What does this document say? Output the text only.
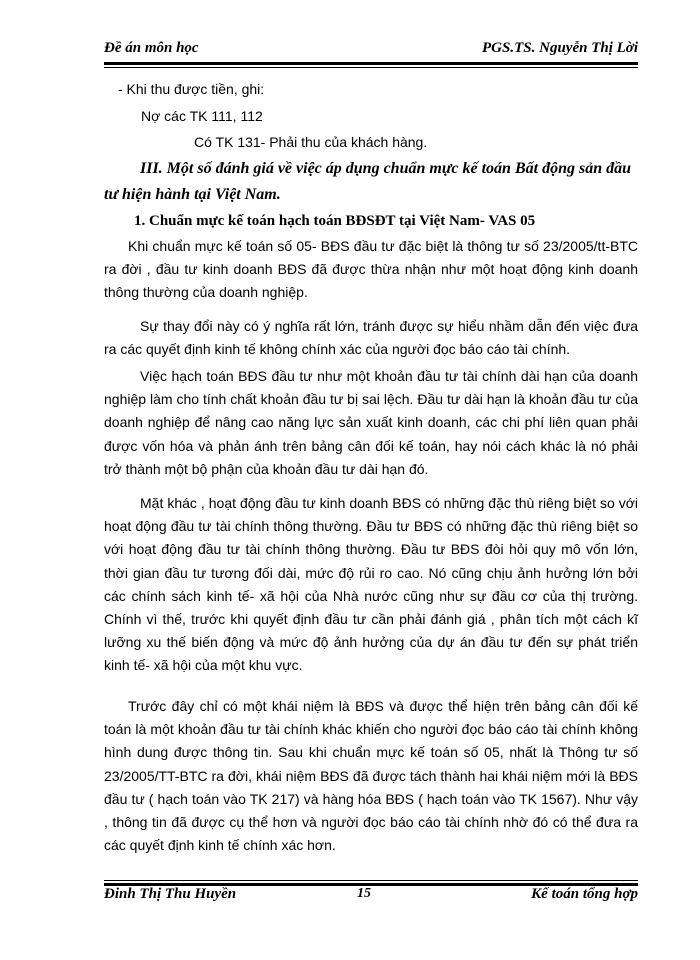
Đề án môn học	PGS.TS. Nguyễn Thị Lời
- Khi thu được tiền, ghi:
Nợ các TK 111, 112
Có TK 131- Phải thu của khách hàng.
III. Một số đánh giá về việc áp dụng chuẩn mực kế toán Bất động sản đầu tư hiện hành tại Việt Nam.
1. Chuẩn mực kế toán hạch toán BĐSĐT tại Việt Nam- VAS 05
Khi chuẩn mực kế toán số 05- BĐS đầu tư đặc biệt là thông tư số 23/2005/tt-BTC ra đời , đầu tư kinh doanh BĐS đã được thừa nhận như một hoạt động kinh doanh thông thường của doanh nghiệp.
Sự thay đổi này có ý nghĩa rất lớn, tránh được sự hiểu nhầm dẫn đến việc đưa ra các quyết định kinh tế không chính xác của người đọc báo cáo tài chính.
Việc hạch toán BĐS đầu tư như một khoản đầu tư tài chính dài hạn của doanh nghiệp làm cho tính chất khoản đầu tư bị sai lệch. Đầu tư dài hạn là khoản đầu tư của doanh nghiệp để nâng cao năng lực sản xuất kinh doanh, các chi phí liên quan phải được vốn hóa và phản ánh trên bảng cân đối kế toán, hay nói cách khác là nó phải trở thành một bộ phận của khoản đầu tư dài hạn đó.
Mặt khác , hoạt động đầu tư kinh doanh BĐS có những đặc thù riêng biệt so với hoạt động đầu tư tài chính thông thường. Đầu tư BĐS có những đặc thù riêng biệt so với hoạt động đầu tư tài chính thông thường. Đầu tư BĐS đòi hỏi quy mô vốn lớn, thời gian đầu tư tương đối dài, mức độ rủi ro cao. Nó cũng chịu ảnh hưởng lớn bởi các chính sách kinh tế- xã hội của Nhà nước cũng như sự đầu cơ của thị trường. Chính vì thế, trước khi quyết định đầu tư cần phải đánh giá , phân tích một cách kĩ lưỡng xu thế biến động và mức độ ảnh hưởng của dự án đầu tư đến sự phát triển kinh tế- xã hội của một khu vực.
Trước đây chỉ có một khái niệm là BĐS và được thể hiện trên bảng cân đối kế toán là một khoản đầu tư tài chính khác khiến cho người đọc báo cáo tài chính không hình dung được thông tin. Sau khi chuẩn mực kế toán số 05, nhất là Thông tư số 23/2005/TT-BTC ra đời, khái niệm BĐS đã được tách thành hai khái niệm mới là BĐS đầu tư ( hạch toán vào TK 217) và hàng hóa BĐS ( hạch toán vào TK 1567). Như vậy , thông tin đã được cụ thể hơn và người đọc báo cáo tài chính nhờ đó có thể đưa ra các quyết định kinh tế chính xác hơn.
Đinh Thị Thu Huyền	15	Kế toán tổng hợp
